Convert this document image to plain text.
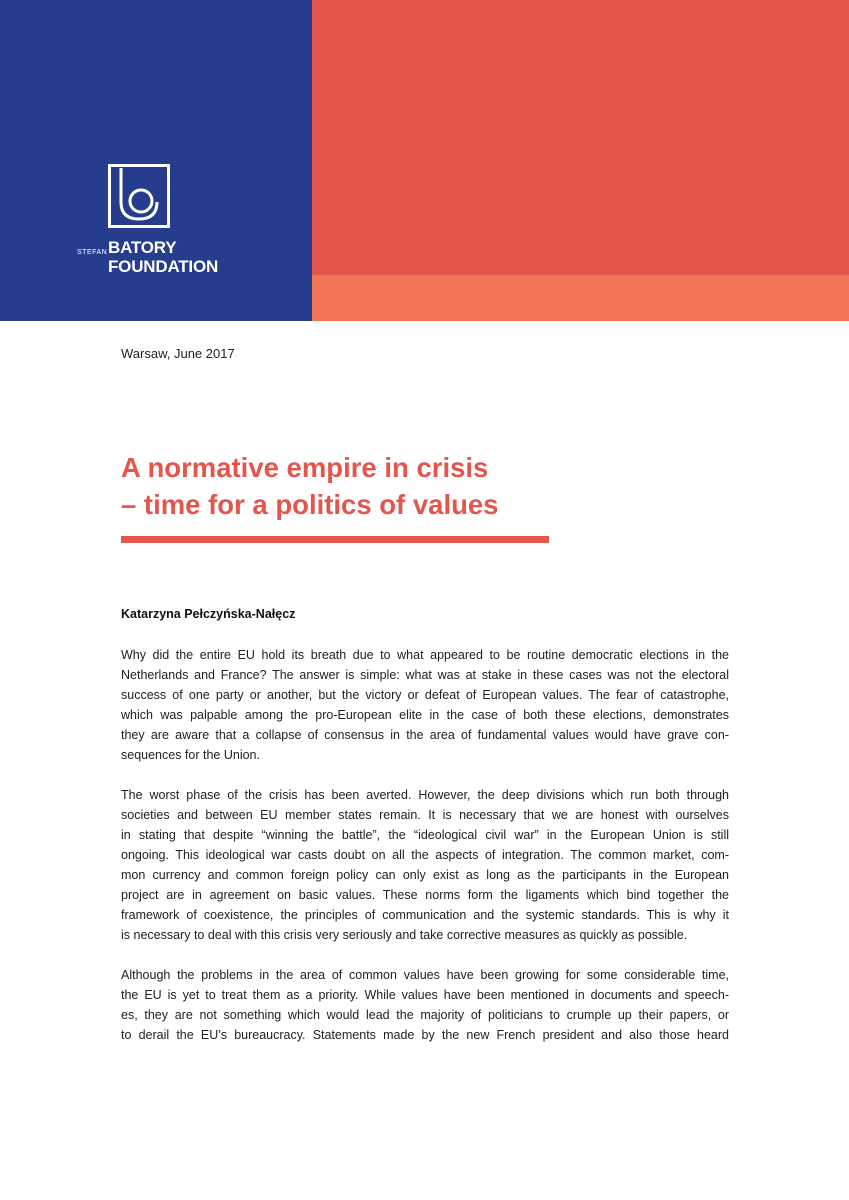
STEFAN BATORY
FOUNDATION
Warsaw, June 2017
A normative empire in crisis
– time for a politics of values
Katarzyna Pełczyńska-Nałęcz
Why did the entire EU hold its breath due to what appeared to be routine democratic elections in the
Netherlands and France? The answer is simple: what was at stake in these cases was not the electoral
success of one party or another, but the victory or defeat of European values. The fear of catastrophe,
which was palpable among the pro-European elite in the case of both these elections, demonstrates
they are aware that a collapse of consensus in the area of fundamental values would have grave con-
sequences for the Union.
The worst phase of the crisis has been averted. However, the deep divisions which run both through
societies and between EU member states remain. It is necessary that we are honest with ourselves
in stating that despite “winning the battle”, the “ideological civil war” in the European Union is still
ongoing. This ideological war casts doubt on all the aspects of integration. The common market, com-
mon currency and common foreign policy can only exist as long as the participants in the European
project are in agreement on basic values. These norms form the ligaments which bind together the
framework of coexistence, the principles of communication and the systemic standards. This is why it
is necessary to deal with this crisis very seriously and take corrective measures as quickly as possible.
Although the problems in the area of common values have been growing for some considerable time,
the EU is yet to treat them as a priority. While values have been mentioned in documents and speech-
es, they are not something which would lead the majority of politicians to crumple up their papers, or
to derail the EU’s bureaucracy. Statements made by the new French president and also those heard
